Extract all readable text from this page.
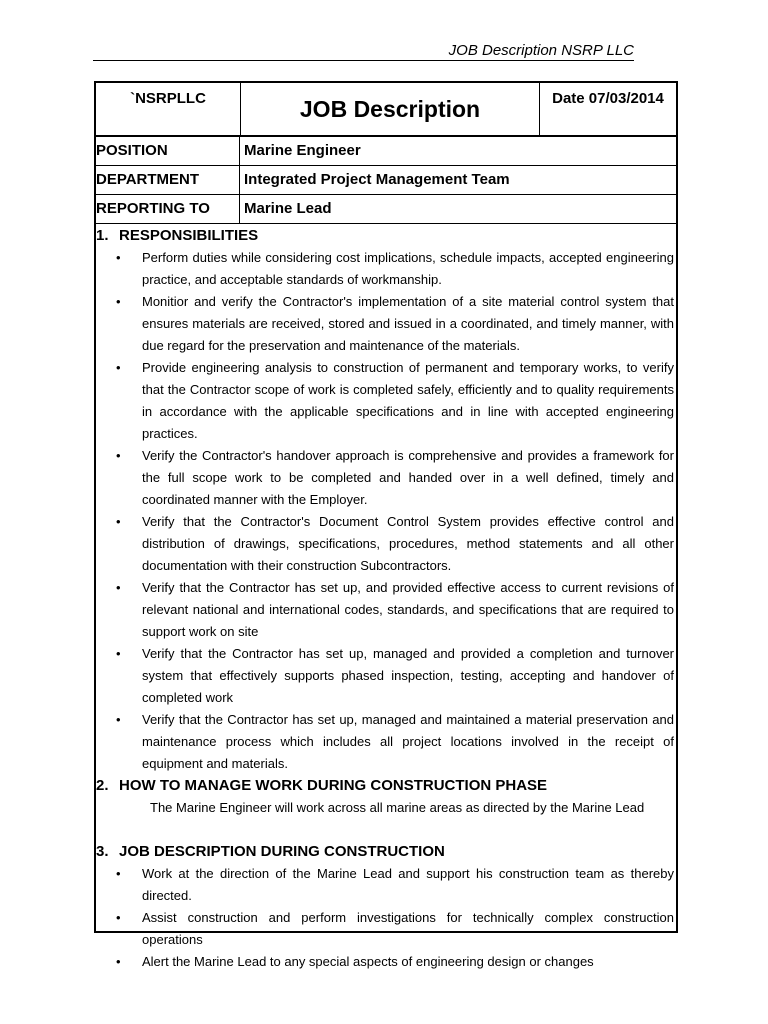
JOB Description NSRP LLC
`NSRPLLC	JOB Description	Date 07/03/2014
POSITION	Marine Engineer
DEPARTMENT	Integrated Project Management Team
REPORTING TO	Marine Lead
1. RESPONSIBILITIES
• Perform duties while considering cost implications, schedule impacts, accepted engineering practice, and acceptable standards of workmanship.
• Monitior and verify the Contractor's implementation of a site material control system that ensures materials are received, stored and issued in a coordinated, and timely manner, with due regard for the preservation and maintenance of the materials.
• Provide engineering analysis to construction of permanent and temporary works, to verify that the Contractor scope of work is completed safely, efficiently and to quality requirements in accordance with the applicable specifications and in line with accepted engineering practices.
• Verify the Contractor's handover approach is comprehensive and provides a framework for the full scope work to be completed and handed over in a well defined, timely and coordinated manner with the Employer.
• Verify that the Contractor's Document Control System provides effective control and distribution of drawings, specifications, procedures, method statements and all other documentation with their construction Subcontractors.
• Verify that the Contractor has set up, and provided effective access to current revisions of relevant national and international codes, standards, and specifications that are required to support work on site
• Verify that the Contractor has set up, managed and provided a completion and turnover system that effectively supports phased inspection, testing, accepting and handover of completed work
• Verify that the Contractor has set up, managed and maintained a material preservation and maintenance process which includes all project locations involved in the receipt of equipment and materials.
2. HOW TO MANAGE WORK DURING CONSTRUCTION PHASE
The Marine Engineer will work across all marine areas as directed by the Marine Lead
3. JOB DESCRIPTION DURING CONSTRUCTION
• Work at the direction of the Marine Lead and support his construction team as thereby directed.
• Assist construction and perform investigations for technically complex construction operations
• Alert the Marine Lead to any special aspects of engineering design or changes
